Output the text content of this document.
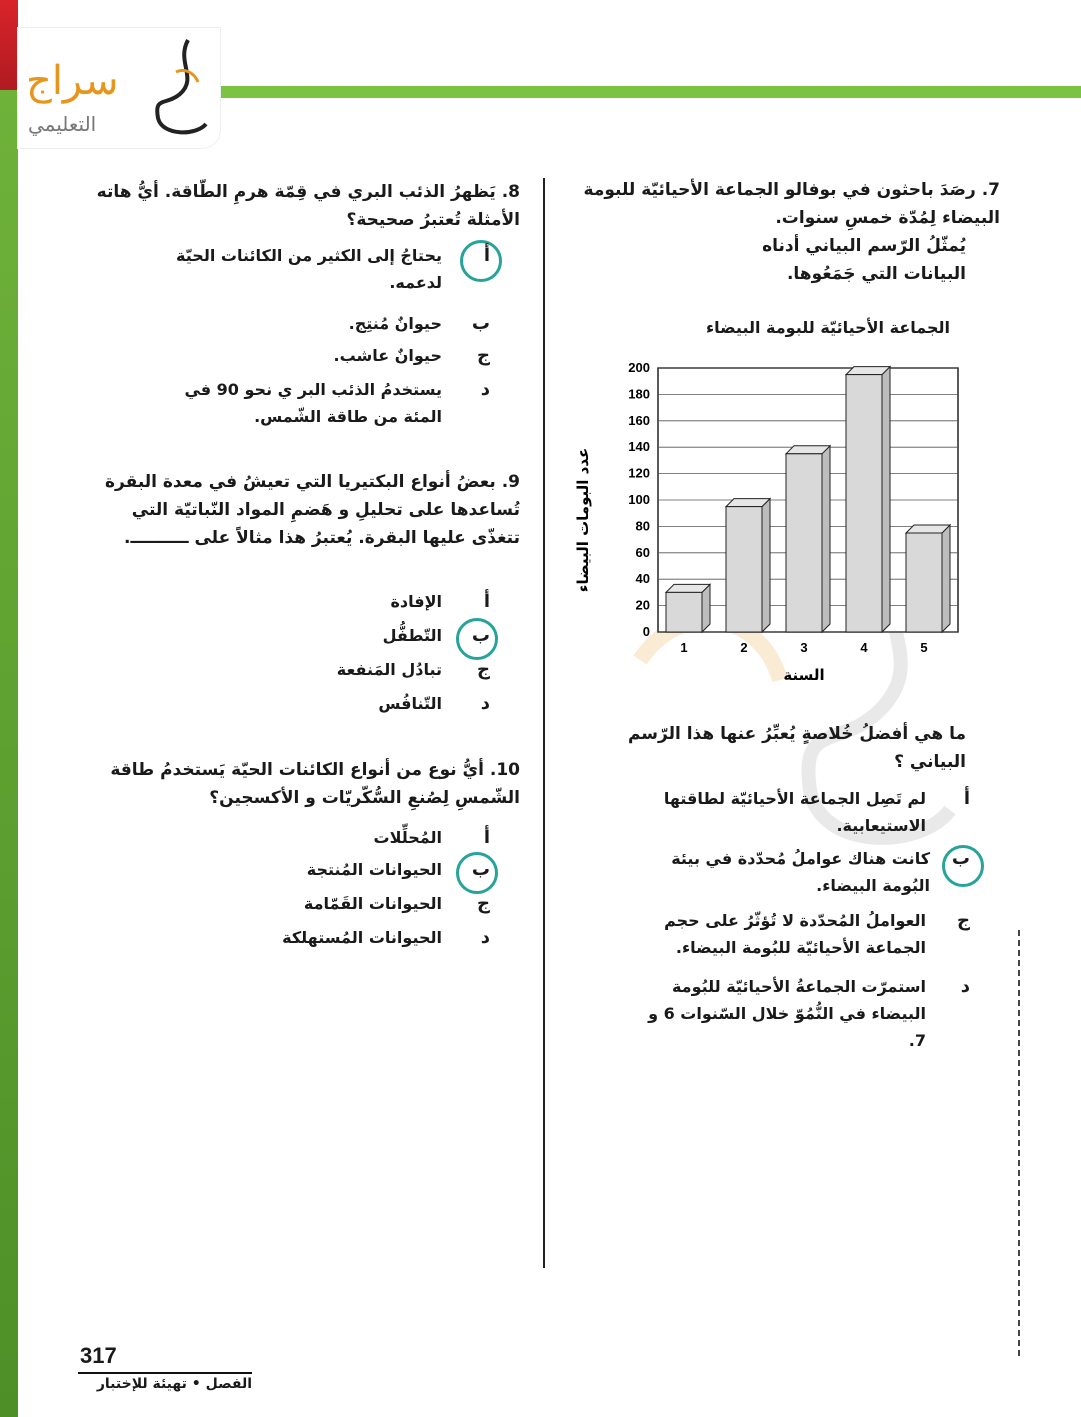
سراج
التعليمي
7. رصَدَ باحثون في بوفالو الجماعة الأحيائيّة للبومة البيضاء لِمُدّة خمسِ سنوات.
يُمثّلُ الرّسم البياني أدناه البيانات التي جَمَعُوها.
الجماعة الأحيائيّة للبومة البيضاء
0
20
40
60
80
100
120
140
160
180
200
1	2	3	4	5
السنة
عدد البومات البيضاء
ما هي أفضلُ خُلاصةٍ يُعبِّرُ عنها هذا الرّسم البياني ؟
أ
لم تَصِل الجماعة الأحيائيّة لطاقتها الاستيعابية.
ب
كانت هناك عواملُ مُحدّدة في بيئة البُومة البيضاء.
ج
العواملُ المُحدّدة لا تُؤثّرُ على حجم الجماعة الأحيائيّة للبُومة البيضاء.
د
استمرّت الجماعةُ الأحيائيّة للبُومة البيضاء في النُّمُوّ خلال السّنوات 6 و 7.
8. يَظهرُ الذئب البري في قِمّة هرمِ الطّاقة. أيُّ هاته الأمثلة تُعتبرُ صحيحة؟
أ
يحتاجُ إلى الكثير من الكائنات الحيّة لدعمه.
ب
حيوانٌ مُنتِج.
ج
حيوانٌ عاشب.
د
يستخدمُ الذئب البر ي نحو 90 في المئة من طاقة الشّمس.
9. بعضُ أنواع البكتيريا التي تعيشُ في معدة البقرة تُساعدها على تحليلِ و هَضمِ المواد النّباتيّة التي تتغذّى عليها البقرة. يُعتبرُ هذا مثالاً على ــــــــــ.
أ
الإفادة
ب
التّطفُّل
ج
تبادُل المَنفعة
د
التّنافُس
10. أيُّ نوع من أنواع الكائنات الحيّة يَستخدمُ طاقة الشّمسِ لِصُنعِ السُّكّريّات و الأكسجين؟
أ
المُحلِّلات
ب
الحيوانات المُنتجة
ج
الحيوانات القَمّامة
د
الحيوانات المُستهلكة
317
الفصل • تهيئة للإختبار
